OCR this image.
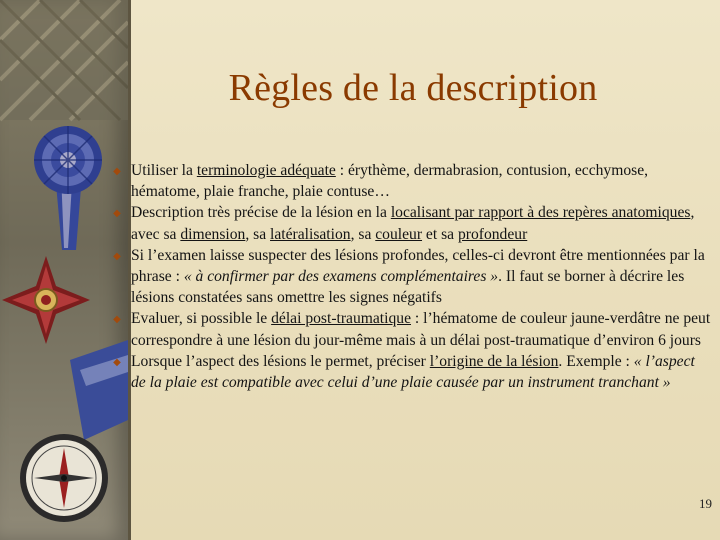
Règles de la description
◆ Utiliser la terminologie adéquate : érythème, dermabrasion, contusion, ecchymose, hématome, plaie franche, plaie contuse…
◆ Description très précise de la lésion en la localisant par rapport à des repères anatomiques, avec sa dimension, sa latéralisation, sa couleur et sa profondeur
◆ Si l’examen laisse suspecter des lésions profondes, celles-ci devront être mentionnées par la phrase : « à confirmer par des examens complémentaires ». Il faut se borner à décrire les lésions constatées sans omettre les signes négatifs
◆ Evaluer, si possible le délai post-traumatique : l’hématome de couleur jaune-verdâtre ne peut correspondre à une lésion du jour-même mais à un délai post-traumatique d’environ 6 jours
◆ Lorsque l’aspect des lésions le permet, préciser l’origine de la lésion. Exemple : « l’aspect de la plaie est compatible avec celui d’une plaie causée par un instrument tranchant »
19
